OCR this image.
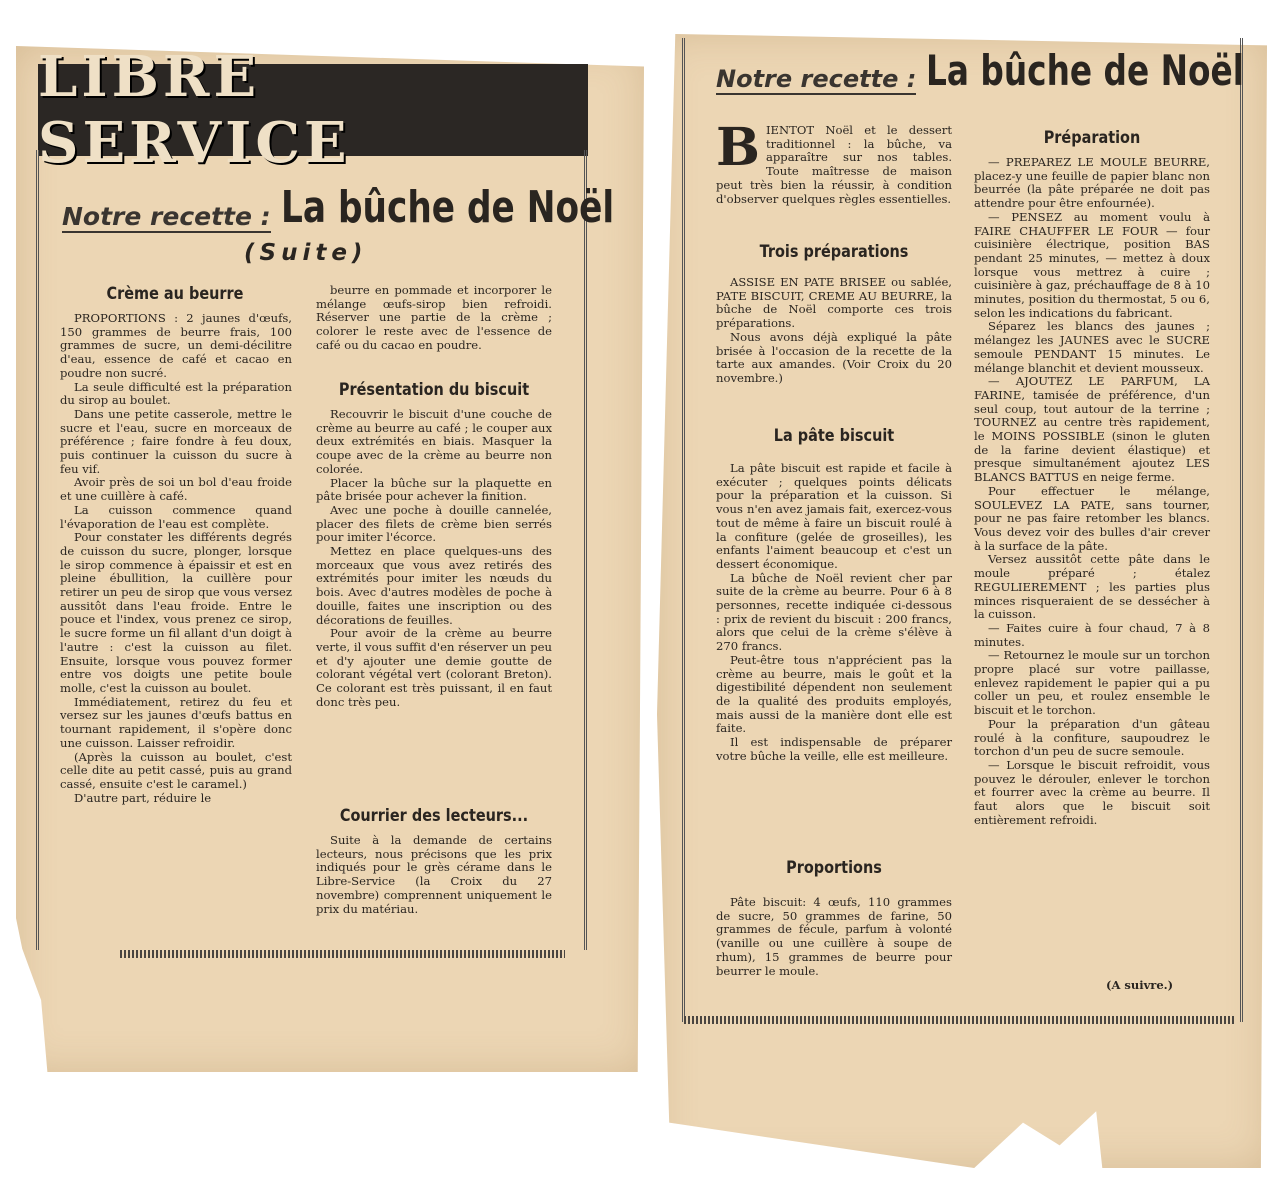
LIBRE SERVICE
Notre recette : La bûche de Noël
(Suite)
Crème au beurre

PROPORTIONS : 2 jaunes d'œufs, 150 grammes de beurre frais, 100 grammes de sucre, un demi-décilitre d'eau, essence de café et cacao en poudre non sucré.

La seule difficulté est la préparation du sirop au boulet.

Dans une petite casserole, mettre le sucre et l'eau, sucre en morceaux de préférence ; faire fondre à feu doux, puis continuer la cuisson du sucre à feu vif.

Avoir près de soi un bol d'eau froide et une cuillère à café.

La cuisson commence quand l'évaporation de l'eau est complète.

Pour constater les différents degrés de cuisson du sucre, plonger, lorsque le sirop commence à épaissir et est en pleine ébullition, la cuillère pour retirer un peu de sirop que vous versez aussitôt dans l'eau froide. Entre le pouce et l'index, vous prenez ce sirop, le sucre forme un fil allant d'un doigt à l'autre : c'est la cuisson au filet. Ensuite, lorsque vous pouvez former entre vos doigts une petite boule molle, c'est la cuisson au boulet.

Immédiatement, retirez du feu et versez sur les jaunes d'œufs battus en tournant rapidement, il s'opère donc une cuisson. Laisser refroidir.

(Après la cuisson au boulet, c'est celle dite au petit cassé, puis au grand cassé, ensuite c'est le caramel.)

D'autre part, réduire le

beurre en pommade et incorporer le mélange œufs-sirop bien refroidi. Réserver une partie de la crème ; colorer le reste avec de l'essence de café ou du cacao en poudre.

Présentation du biscuit

Recouvrir le biscuit d'une couche de crème au beurre au café ; le couper aux deux extrémités en biais. Masquer la coupe avec de la crème au beurre non colorée.

Placer la bûche sur la plaquette en pâte brisée pour achever la finition.

Avec une poche à douille cannelée, placer des filets de crème bien serrés pour imiter l'écorce.

Mettez en place quelques-uns des morceaux que vous avez retirés des extrémités pour imiter les nœuds du bois. Avec d'autres modèles de poche à douille, faites une inscription ou des décorations de feuilles.

Pour avoir de la crème au beurre verte, il vous suffit d'en réserver un peu et d'y ajouter une demie goutte de colorant végétal vert (colorant Breton). Ce colorant est très puissant, il en faut donc très peu.

Courrier des lecteurs...

Suite à la demande de certains lecteurs, nous précisons que les prix indiqués pour le grès cérame dans le Libre-Service (la Croix du 27 novembre) comprennent uniquement le prix du matériau.

Notre recette : La bûche de Noël
B IENTOT Noël et le dessert traditionnel : la bûche, va apparaître sur nos tables. Toute maîtresse de maison peut très bien la réussir, à condition d'observer quelques règles essentielles.
Trois préparations

ASSISE EN PATE BRISEE ou sablée, PATE BISCUIT, CREME AU BEURRE, la bûche de Noël comporte ces trois préparations.

Nous avons déjà expliqué la pâte brisée à l'occasion de la recette de la tarte aux amandes. (Voir Croix du 20 novembre.)

La pâte biscuit

La pâte biscuit est rapide et facile à exécuter ; quelques points délicats pour la préparation et la cuisson. Si vous n'en avez jamais fait, exercez-vous tout de même à faire un biscuit roulé à la confiture (gelée de groseilles), les enfants l'aiment beaucoup et c'est un dessert économique.

La bûche de Noël revient cher par suite de la crème au beurre. Pour 6 à 8 personnes, recette indiquée ci-dessous : prix de revient du biscuit : 200 francs, alors que celui de la crème s'élève à 270 francs.

Peut-être tous n'apprécient pas la crème au beurre, mais le goût et la digestibilité dépendent non seulement de la qualité des produits employés, mais aussi de la manière dont elle est faite.

Il est indispensable de préparer votre bûche la veille, elle est meilleure.

Proportions

Pâte biscuit: 4 œufs, 110 grammes de sucre, 50 grammes de farine, 50 grammes de fécule, parfum à volonté (vanille ou une cuillère à soupe de rhum), 15 grammes de beurre pour beurrer le moule.

Préparation

— PREPAREZ LE MOULE BEURRE, placez-y une feuille de papier blanc non beurrée (la pâte préparée ne doit pas attendre pour être enfournée).

— PENSEZ au moment voulu à FAIRE CHAUFFER LE FOUR — four cuisinière électrique, position BAS pendant 25 minutes, — mettez à doux lorsque vous mettrez à cuire ; cuisinière à gaz, préchauffage de 8 à 10 minutes, position du thermostat, 5 ou 6, selon les indications du fabricant.

Séparez les blancs des jaunes ; mélangez les JAUNES avec le SUCRE semoule PENDANT 15 minutes. Le mélange blanchit et devient mousseux.

— AJOUTEZ LE PARFUM, LA FARINE, tamisée de préférence, d'un seul coup, tout autour de la terrine ; TOURNEZ au centre très rapidement, le MOINS POSSIBLE (sinon le gluten de la farine devient élastique) et presque simultanément ajoutez LES BLANCS BATTUS en neige ferme.

Pour effectuer le mélange, SOULEVEZ LA PATE, sans tourner, pour ne pas faire retomber les blancs. Vous devez voir des bulles d'air crever à la surface de la pâte.

Versez aussitôt cette pâte dans le moule préparé ; étalez REGULIEREMENT ; les parties plus minces risqueraient de se dessécher à la cuisson.

— Faites cuire à four chaud, 7 à 8 minutes.

— Retournez le moule sur un torchon propre placé sur votre paillasse, enlevez rapidement le papier qui a pu coller un peu, et roulez ensemble le biscuit et le torchon.

Pour la préparation d'un gâteau roulé à la confiture, saupoudrez le torchon d'un peu de sucre semoule.

— Lorsque le biscuit refroidit, vous pouvez le dérouler, enlever le torchon et fourrer avec la crème au beurre. Il faut alors que le biscuit soit entièrement refroidi.

(A suivre.)
